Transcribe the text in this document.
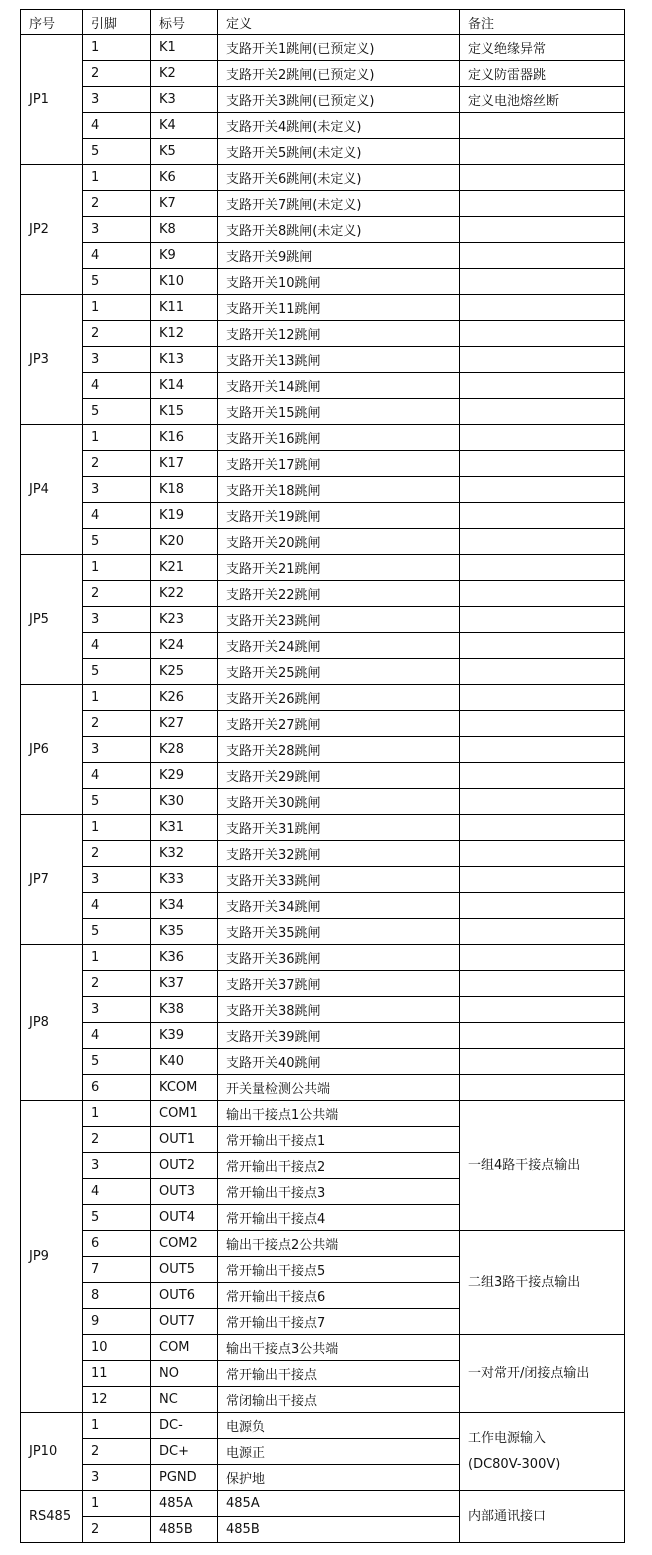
序号	引脚	标号	定义	备注
JP1	1	K1	支路开关1跳闸(已预定义)	定义绝缘异常
	2	K2	支路开关2跳闸(已预定义)	定义防雷器跳
	3	K3	支路开关3跳闸(已预定义)	定义电池熔丝断
	4	K4	支路开关4跳闸(未定义)	
	5	K5	支路开关5跳闸(未定义)	
JP2	1	K6	支路开关6跳闸(未定义)	
	2	K7	支路开关7跳闸(未定义)	
	3	K8	支路开关8跳闸(未定义)	
	4	K9	支路开关9跳闸	
	5	K10	支路开关10跳闸	
JP3	1	K11	支路开关11跳闸	
	2	K12	支路开关12跳闸	
	3	K13	支路开关13跳闸	
	4	K14	支路开关14跳闸	
	5	K15	支路开关15跳闸	
JP4	1	K16	支路开关16跳闸	
	2	K17	支路开关17跳闸	
	3	K18	支路开关18跳闸	
	4	K19	支路开关19跳闸	
	5	K20	支路开关20跳闸	
JP5	1	K21	支路开关21跳闸	
	2	K22	支路开关22跳闸	
	3	K23	支路开关23跳闸	
	4	K24	支路开关24跳闸	
	5	K25	支路开关25跳闸	
JP6	1	K26	支路开关26跳闸	
	2	K27	支路开关27跳闸	
	3	K28	支路开关28跳闸	
	4	K29	支路开关29跳闸	
	5	K30	支路开关30跳闸	
JP7	1	K31	支路开关31跳闸	
	2	K32	支路开关32跳闸	
	3	K33	支路开关33跳闸	
	4	K34	支路开关34跳闸	
	5	K35	支路开关35跳闸	
JP8	1	K36	支路开关36跳闸	
	2	K37	支路开关37跳闸	
	3	K38	支路开关38跳闸	
	4	K39	支路开关39跳闸	
	5	K40	支路开关40跳闸	
	6	KCOM	开关量检测公共端	
JP9	1	COM1	输出干接点1公共端	一组4路干接点输出
	2	OUT1	常开输出干接点1	
	3	OUT2	常开输出干接点2	
	4	OUT3	常开输出干接点3	
	5	OUT4	常开输出干接点4	
	6	COM2	输出干接点2公共端	二组3路干接点输出
	7	OUT5	常开输出干接点5	
	8	OUT6	常开输出干接点6	
	9	OUT7	常开输出干接点7	
	10	COM	输出干接点3公共端	一对常开/闭接点输出
	11	NO	常开输出干接点	
	12	NC	常闭输出干接点	
JP10	1	DC-	电源负	工作电源输入
(DC80V-300V)

	2	DC+	电源正	
	3	PGND	保护地	
RS485	1	485A	485A	内部通讯接口
	2	485B	485B	
